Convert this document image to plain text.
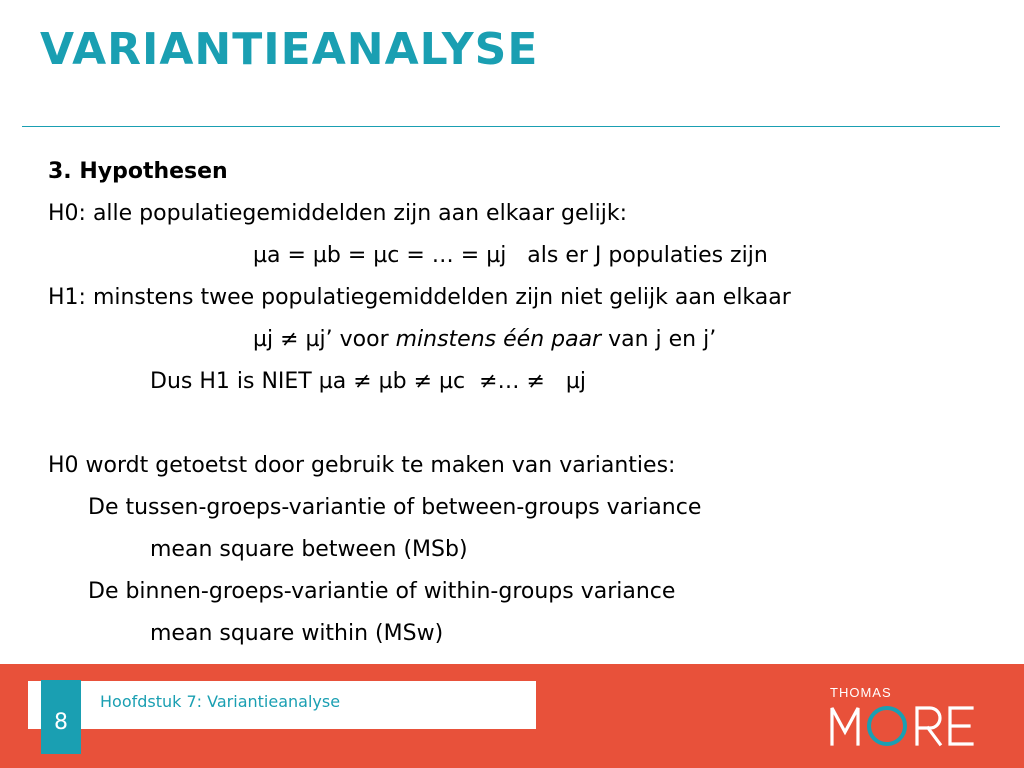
VARIANTIEANALYSE
3. Hypothesen
H0: alle populatiegemiddelden zijn aan elkaar gelijk:
µa = µb = µc = … = µj   als er J populaties zijn
H1: minstens twee populatiegemiddelden zijn niet gelijk aan elkaar
µj ≠ µj’ voor minstens één paar van j en j’
Dus H1 is NIET µa ≠ µb ≠ µc  ≠… ≠   µj
H0 wordt getoetst door gebruik te maken van varianties:
De tussen-groeps-variantie of between-groups variance
mean square between (MSb)
De binnen-groeps-variantie of within-groups variance
mean square within (MSw)
Hoofdstuk 7: Variantieanalyse
8
THOMAS
